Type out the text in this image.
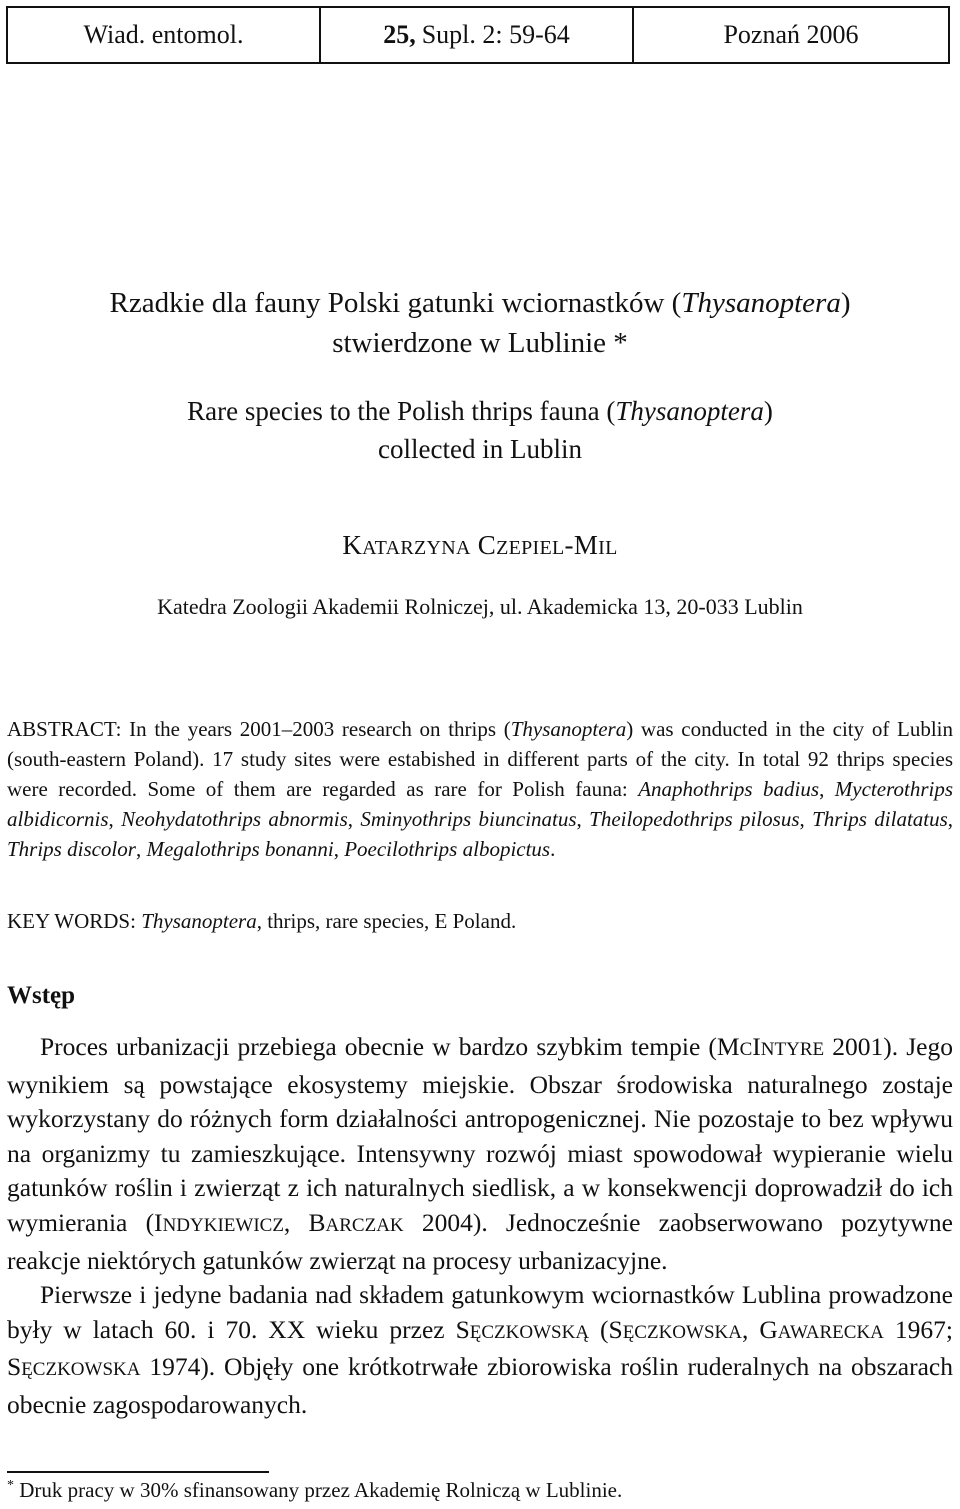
Wiad. entomol.	25, Supl. 2: 59-64	Poznań 2006
Rzadkie dla fauny Polski gatunki wciornastków (Thysanoptera)
stwierdzone w Lublinie *
Rare species to the Polish thrips fauna (Thysanoptera)
collected in Lublin
KATARZYNA CZEPIEL-MIL
Katedra Zoologii Akademii Rolniczej, ul. Akademicka 13, 20-033 Lublin
ABSTRACT: In the years 2001–2003 research on thrips (Thysanoptera) was conducted in the city of Lublin (south-eastern Poland). 17 study sites were estabished in different parts of the city. In total 92 thrips species were recorded. Some of them are regarded as rare for Polish fauna: Anaphothrips badius, Mycterothrips albidicornis, Neohydatothrips abnormis, Sminyothrips biuncinatus, Theilopedothrips pilosus, Thrips dilatatus, Thrips discolor, Megalothrips bonanni, Poecilothrips albopictus.
KEY WORDS: Thysanoptera, thrips, rare species, E Poland.
Wstęp

Proces urbanizacji przebiega obecnie w bardzo szybkim tempie (MCINTYRE 2001). Jego wynikiem są powstające ekosystemy miejskie. Obszar środowiska naturalnego zostaje wykorzystany do różnych form działalności antropogenicznej. Nie pozostaje to bez wpływu na organizmy tu zamieszkujące. Intensywny rozwój miast spowodował wypieranie wielu gatunków roślin i zwierząt z ich naturalnych siedlisk, a w konsekwencji doprowadził do ich wymierania (INDYKIEWICZ, BARCZAK 2004). Jednocześnie zaobserwowano pozytywne reakcje niektórych gatunków zwierząt na procesy urbanizacyjne.

Pierwsze i jedyne badania nad składem gatunkowym wciornastków Lublina prowadzone były w latach 60. i 70. XX wieku przez SĘCZKOWSKĄ (SĘCZKOWSKA, GAWARECKA 1967; SĘCZKOWSKA 1974). Objęły one krótkotrwałe zbiorowiska roślin ruderalnych na obszarach obecnie zagospodarowanych.

* Druk pracy w 30% sfinansowany przez Akademię Rolniczą w Lublinie.
